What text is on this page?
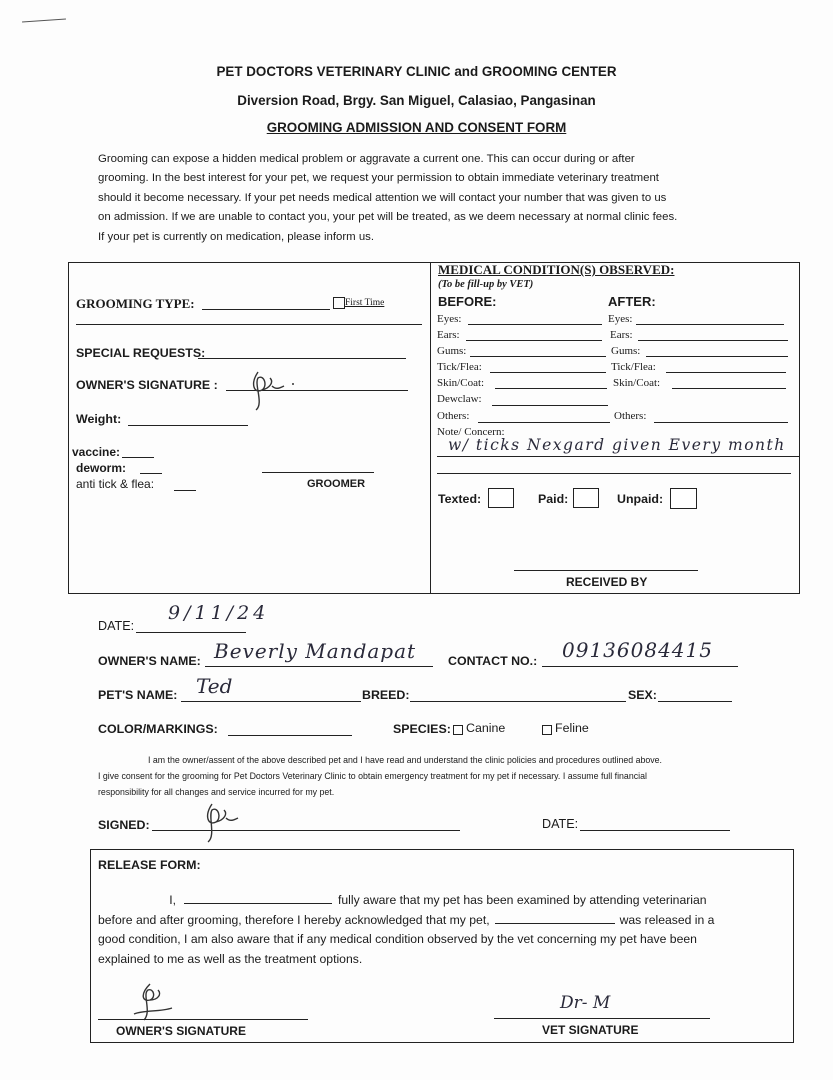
PET DOCTORS VETERINARY CLINIC and GROOMING CENTER
Diversion Road, Brgy. San Miguel, Calasiao, Pangasinan
GROOMING ADMISSION AND CONSENT FORM
Grooming can expose a hidden medical problem or aggravate a current one. This can occur during or after
grooming. In the best interest for your pet, we request your permission to obtain immediate veterinary treatment
should it become necessary. If your pet needs medical attention we will contact your number that was given to us
on admission. If we are unable to contact you, your pet will be treated, as we deem necessary at normal clinic fees.
If your pet is currently on medication, please inform us.
GROOMING TYPE:	First Time
SPECIAL REQUESTS:
OWNER'S SIGNATURE :
Weight:
vaccine:
deworm:
anti tick & flea:	GROOMER
MEDICAL CONDITION(S) OBSERVED:
(To be fill-up by VET)
BEFORE:	AFTER:
Eyes:	Eyes:
Ears:	Ears:
Gums:	Gums:
Tick/Flea:	Tick/Flea:
Skin/Coat:	Skin/Coat:
Dewclaw:
Others:	Others:
Note/ Concern:
w/ ticks Nexgard given Every month
Texted:	Paid:	Unpaid:
RECEIVED BY
DATE:
9/11/24
OWNER'S NAME: Beverly Mandapat	CONTACT NO.: 09136084415
PET'S NAME: Ted	BREED:	SEX:
COLOR/MARKINGS:	SPECIES: Canine	Feline
I am the owner/assent of the above described pet and I have read and understand the clinic policies and procedures outlined above.
I give consent for the grooming for Pet Doctors Veterinary Clinic to obtain emergency treatment for my pet if necessary. I assume full financial
responsibility for all changes and service incurred for my pet.
SIGNED:	DATE:
RELEASE FORM:
I,	fully aware that my pet has been examined by attending veterinarian
before and after grooming, therefore I hereby acknowledged that my pet,	was released in a
good condition, I am also aware that if any medical condition observed by the vet concerning my pet have been
explained to me as well as the treatment options.
OWNER'S SIGNATURE
Dr- M
VET SIGNATURE
